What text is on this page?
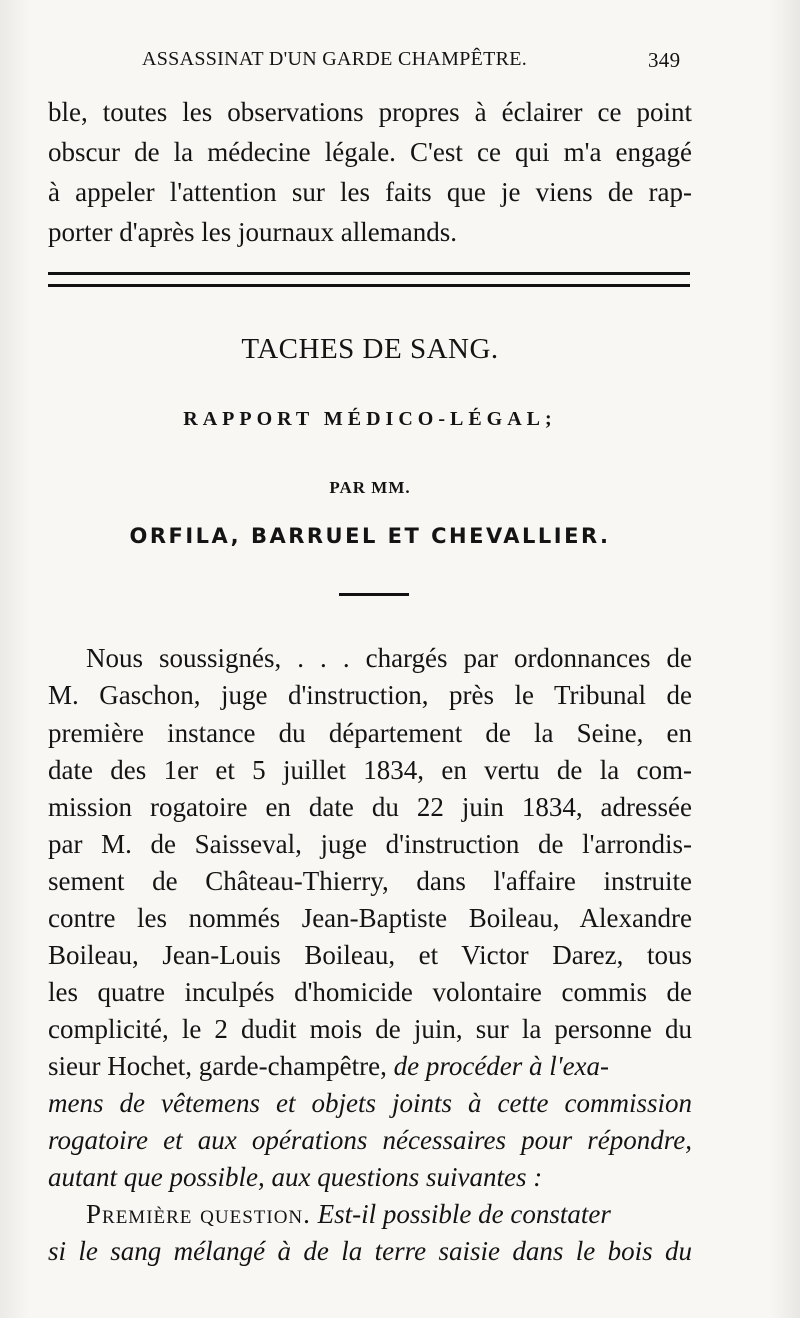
ASSASSINAT D'UN GARDE CHAMPÊTRE.	349
ble, toutes les observations propres à éclairer ce point
obscur de la médecine légale. C'est ce qui m'a engagé
à appeler l'attention sur les faits que je viens de rap-
porter d'après les journaux allemands.
TACHES DE SANG.
RAPPORT MÉDICO-LÉGAL;
PAR MM.
ORFILA, BARRUEL ET CHEVALLIER.
Nous soussignés, . . . chargés par ordonnances de
M. Gaschon, juge d'instruction, près le Tribunal de
première instance du département de la Seine, en
date des 1er et 5 juillet 1834, en vertu de la com-
mission rogatoire en date du 22 juin 1834, adressée
par M. de Saisseval, juge d'instruction de l'arrondis-
sement de Château-Thierry, dans l'affaire instruite
contre les nommés Jean-Baptiste Boileau, Alexandre
Boileau, Jean-Louis Boileau, et Victor Darez, tous
les quatre inculpés d'homicide volontaire commis de
complicité, le 2 dudit mois de juin, sur la personne du
sieur Hochet, garde-champêtre, de procéder à l'exa-
mens de vêtemens et objets joints à cette commission
rogatoire et aux opérations nécessaires pour répondre,
autant que possible, aux questions suivantes :
Première question. Est-il possible de constater
si le sang mélangé à de la terre saisie dans le bois du
